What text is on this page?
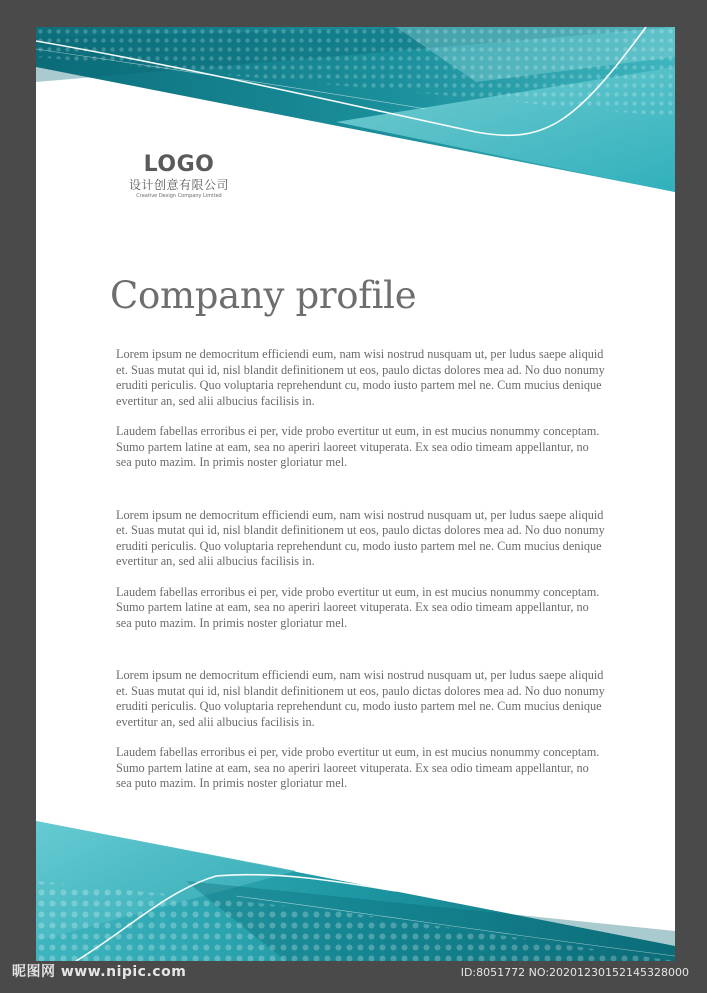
LOGO
设计创意有限公司
Creative Design Company Limited
Company profile

Lorem ipsum ne democritum efficiendi eum, nam wisi nostrud nusquam ut, per ludus saepe aliquid et. Suas mutat qui id, nisl blandit definitionem ut eos, paulo dictas dolores mea ad. No duo nonumy eruditi periculis. Quo voluptaria reprehendunt cu, modo iusto partem mel ne. Cum mucius denique evertitur an, sed alii albucius facilisis in.

Laudem fabellas erroribus ei per, vide probo evertitur ut eum, in est mucius nonummy conceptam. Sumo partem latine at eam, sea no aperiri laoreet vituperata. Ex sea odio timeam appellantur, no sea puto mazim. In primis noster gloriatur mel.

Lorem ipsum ne democritum efficiendi eum, nam wisi nostrud nusquam ut, per ludus saepe aliquid et. Suas mutat qui id, nisl blandit definitionem ut eos, paulo dictas dolores mea ad. No duo nonumy eruditi periculis. Quo voluptaria reprehendunt cu, modo iusto partem mel ne. Cum mucius denique evertitur an, sed alii albucius facilisis in.

Laudem fabellas erroribus ei per, vide probo evertitur ut eum, in est mucius nonummy conceptam. Sumo partem latine at eam, sea no aperiri laoreet vituperata. Ex sea odio timeam appellantur, no sea puto mazim. In primis noster gloriatur mel.

Lorem ipsum ne democritum efficiendi eum, nam wisi nostrud nusquam ut, per ludus saepe aliquid et. Suas mutat qui id, nisl blandit definitionem ut eos, paulo dictas dolores mea ad. No duo nonumy eruditi periculis. Quo voluptaria reprehendunt cu, modo iusto partem mel ne. Cum mucius denique evertitur an, sed alii albucius facilisis in.

Laudem fabellas erroribus ei per, vide probo evertitur ut eum, in est mucius nonummy conceptam. Sumo partem latine at eam, sea no aperiri laoreet vituperata. Ex sea odio timeam appellantur, no sea puto mazim. In primis noster gloriatur mel.

昵图网 www.nipic.com	ID:8051772 NO:20201230152145328000
